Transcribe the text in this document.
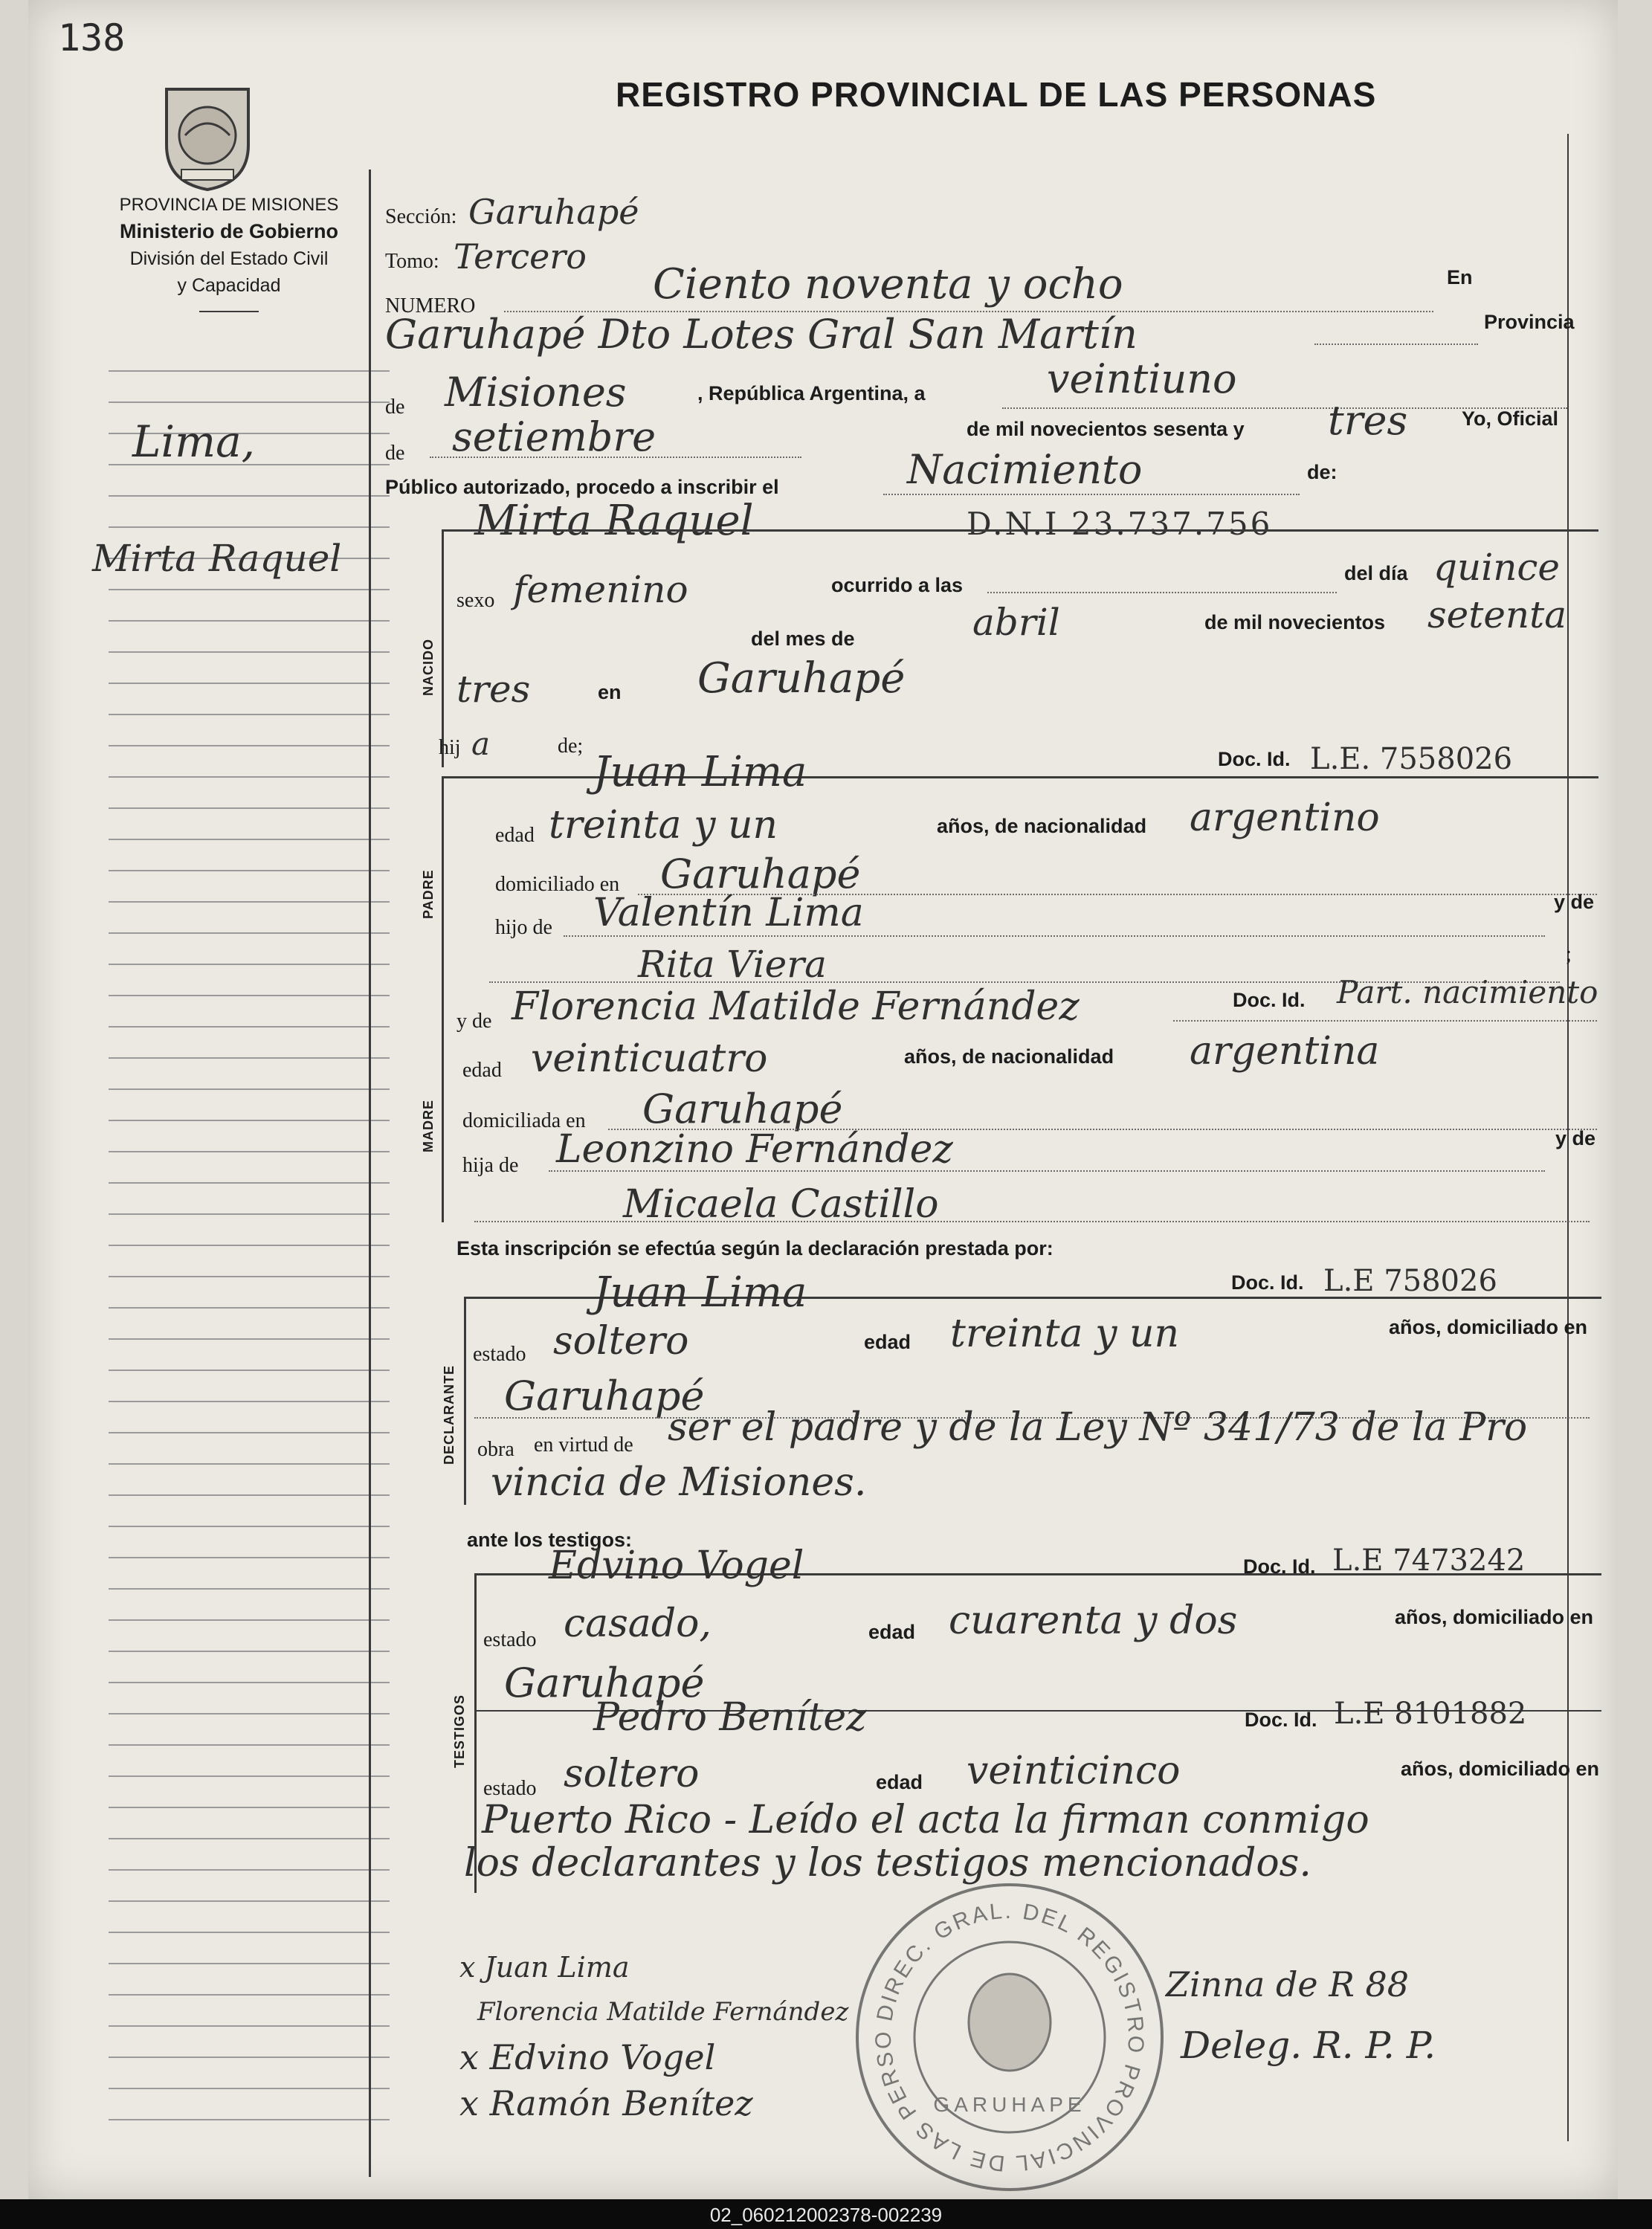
138
REGISTRO PROVINCIAL DE LAS PERSONAS
PROVINCIA DE MISIONES
Ministerio de Gobierno
División del Estado Civil
y Capacidad
Lima,
Mirta Raquel
Sección: Garuhapé
Tomo: Tercero
NUMERO	Ciento noventa y ocho	En
Garuhapé Dto Lotes Gral San Martín	Provincia
de Misiones	, República Argentina, a	veintiuno
de setiembre	de mil novecientos sesenta y tres	Yo, Oficial
Público autorizado, procedo a inscribir el	Nacimiento	de:
NACIDO
Mirta Raquel	D.N.I 23.737.756
sexo femenino	ocurrido a las
del día quince
del mes de	abril	de mil novecientos setenta
tres	en Garuhapé
hij a	de;
PADRE
Juan Lima	Doc. Id. L.E. 7558026
edad treinta y un	años, de nacionalidad argentino
domiciliado en Garuhapé
hijo de Valentín Lima	y de
Rita Viera	;
MADRE
y de Florencia Matilde Fernández	Doc. Id. Part. nacimiento
edad veinticuatro	años, de nacionalidad argentina
domiciliada en Garuhapé
hija de Leonzino Fernández	y de
Micaela Castillo
Esta inscripción se efectúa según la declaración prestada por:
DECLARANTE
Juan Lima	Doc. Id. L.E 758026
estado soltero	edad treinta y un	años, domiciliado en
Garuhapé
obra en virtud de ser el padre y de la Ley Nº 341/73 de la Pro
vincia de Misiones.
ante los testigos:
TESTIGOS
Edvino Vogel	Doc. Id. L.E 7473242
estado casado,	edad cuarenta y dos	años, domiciliado en
Garuhapé
Pedro Benítez	Doc. Id. L.E 8101882
estado soltero	edad veinticinco	años, domiciliado en
Puerto Rico - Leído el acta la firman conmigo
los declarantes y los testigos mencionados.
DIREC. GRAL. DEL REGISTRO PROVINCIAL DE LAS PERSO
GARUHAPE
x Juan Lima
Florencia Matilde Fernández
x Edvino Vogel
x Ramón Benítez
Zinna de R 88
Deleg. R. P. P.
02_060212002378-002239
